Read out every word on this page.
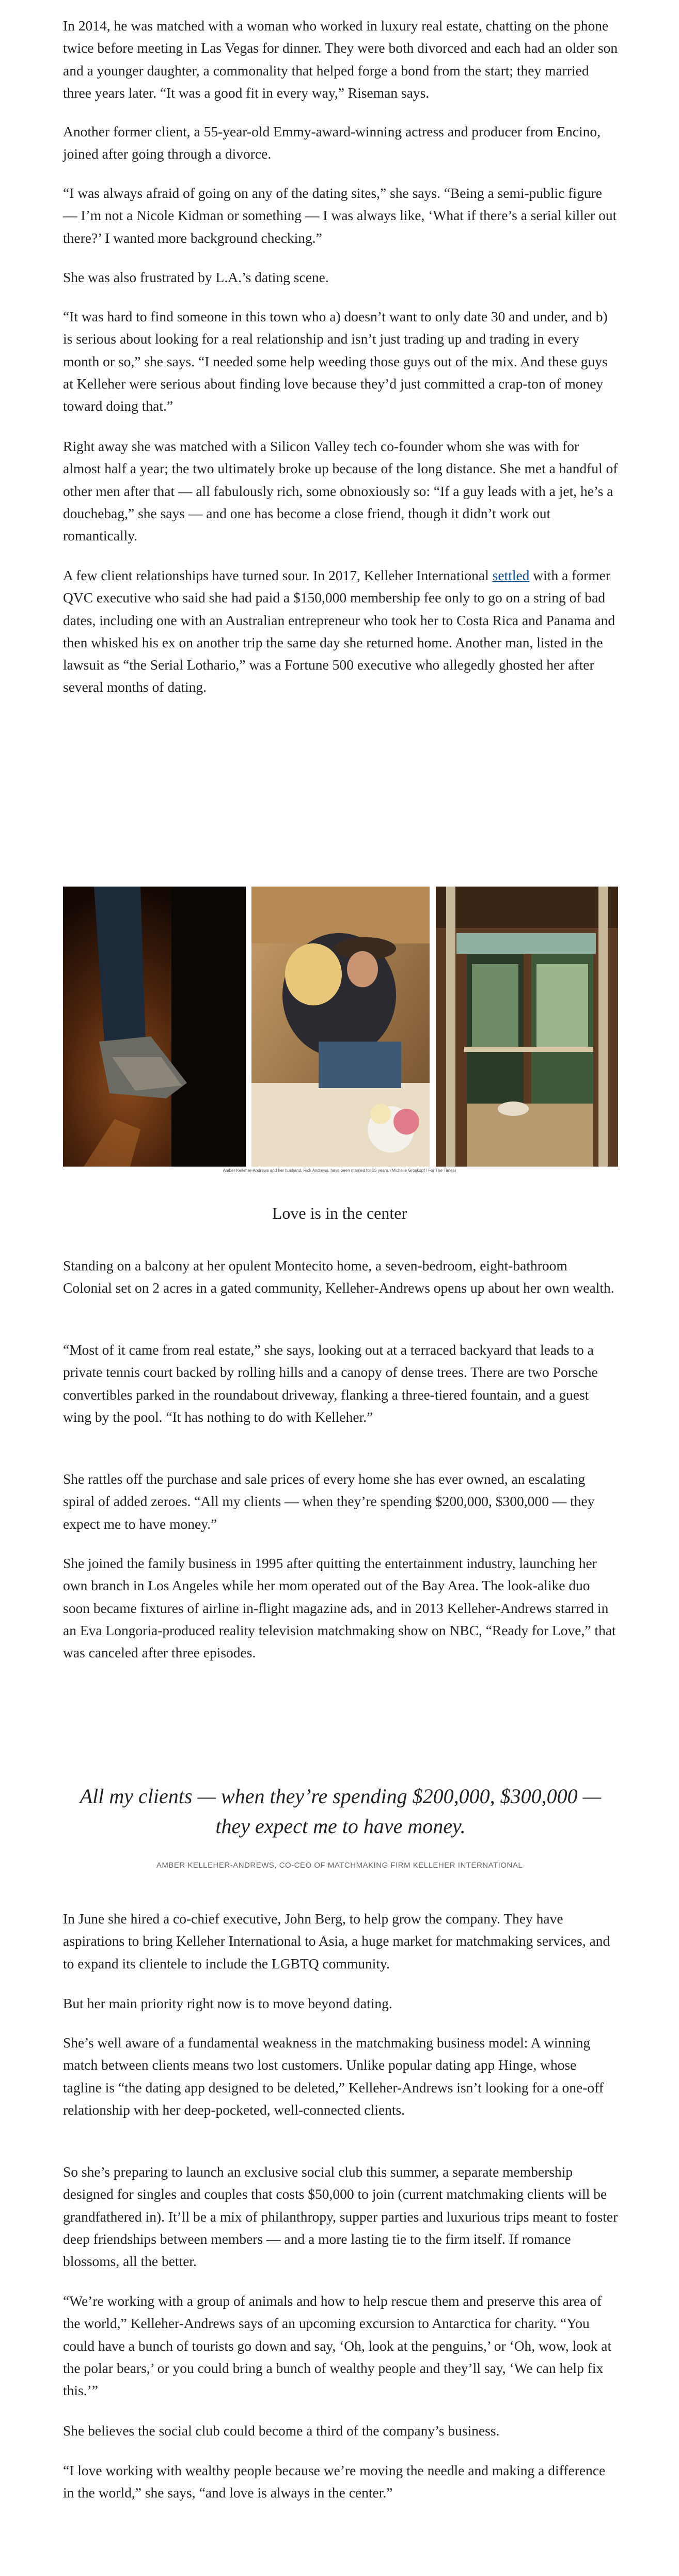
In 2014, he was matched with a woman who worked in luxury real estate, chatting on the phone twice before meeting in Las Vegas for dinner. They were both divorced and each had an older son and a younger daughter, a commonality that helped forge a bond from the start; they married three years later. “It was a good fit in every way,” Riseman says.

Another former client, a 55-year-old Emmy-award-winning actress and producer from Encino, joined after going through a divorce.

“I was always afraid of going on any of the dating sites,” she says. “Being a semi-public figure — I’m not a Nicole Kidman or something — I was always like, ‘What if there’s a serial killer out there?’ I wanted more background checking.”

She was also frustrated by L.A.’s dating scene.

“It was hard to find someone in this town who a) doesn’t want to only date 30 and under, and b) is serious about looking for a real relationship and isn’t just trading up and trading in every month or so,” she says. “I needed some help weeding those guys out of the mix. And these guys at Kelleher were serious about finding love because they’d just committed a crap-ton of money toward doing that.”

Right away she was matched with a Silicon Valley tech co-founder whom she was with for almost half a year; the two ultimately broke up because of the long distance. She met a handful of other men after that — all fabulously rich, some obnoxiously so: “If a guy leads with a jet, he’s a douchebag,” she says — and one has become a close friend, though it didn’t work out romantically.

A few client relationships have turned sour. In 2017, Kelleher International settled with a former QVC executive who said she had paid a $150,000 membership fee only to go on a string of bad dates, including one with an Australian entrepreneur who took her to Costa Rica and Panama and then whisked his ex on another trip the same day she returned home. Another man, listed in the lawsuit as “the Serial Lothario,” was a Fortune 500 executive who allegedly ghosted her after several months of dating.

Amber Kelleher-Andrews and her husband, Rick Andrews, have been married for 25 years. (Michelle Groskopf / For The Times)
Love is in the center

Standing on a balcony at her opulent Montecito home, a seven-bedroom, eight-bathroom Colonial set on 2 acres in a gated community, Kelleher-Andrews opens up about her own wealth.

“Most of it came from real estate,” she says, looking out at a terraced backyard that leads to a private tennis court backed by rolling hills and a canopy of dense trees. There are two Porsche convertibles parked in the roundabout driveway, flanking a three-tiered fountain, and a guest wing by the pool. “It has nothing to do with Kelleher.”

She rattles off the purchase and sale prices of every home she has ever owned, an escalating spiral of added zeroes. “All my clients — when they’re spending $200,000, $300,000 — they expect me to have money.”

She joined the family business in 1995 after quitting the entertainment industry, launching her own branch in Los Angeles while her mom operated out of the Bay Area. The look-alike duo soon became fixtures of airline in-flight magazine ads, and in 2013 Kelleher-Andrews starred in an Eva Longoria-produced reality television matchmaking show on NBC, “Ready for Love,” that was canceled after three episodes.

All my clients — when they’re spending $200,000, $300,000 — they expect me to have money.

AMBER KELLEHER-ANDREWS, CO-CEO OF MATCHMAKING FIRM KELLEHER INTERNATIONAL

In June she hired a co-chief executive, John Berg, to help grow the company. They have aspirations to bring Kelleher International to Asia, a huge market for matchmaking services, and to expand its clientele to include the LGBTQ community.

But her main priority right now is to move beyond dating.

She’s well aware of a fundamental weakness in the matchmaking business model: A winning match between clients means two lost customers. Unlike popular dating app Hinge, whose tagline is “the dating app designed to be deleted,” Kelleher-Andrews isn’t looking for a one-off relationship with her deep-pocketed, well-connected clients.

So she’s preparing to launch an exclusive social club this summer, a separate membership designed for singles and couples that costs $50,000 to join (current matchmaking clients will be grandfathered in). It’ll be a mix of philanthropy, supper parties and luxurious trips meant to foster deep friendships between members — and a more lasting tie to the firm itself. If romance blossoms, all the better.

“We’re working with a group of animals and how to help rescue them and preserve this area of the world,” Kelleher-Andrews says of an upcoming excursion to Antarctica for charity. “You could have a bunch of tourists go down and say, ‘Oh, look at the penguins,’ or ‘Oh, wow, look at the polar bears,’ or you could bring a bunch of wealthy people and they’ll say, ‘We can help fix this.’”

She believes the social club could become a third of the company’s business.

“I love working with wealthy people because we’re moving the needle and making a difference in the world,” she says, “and love is always in the center.”
